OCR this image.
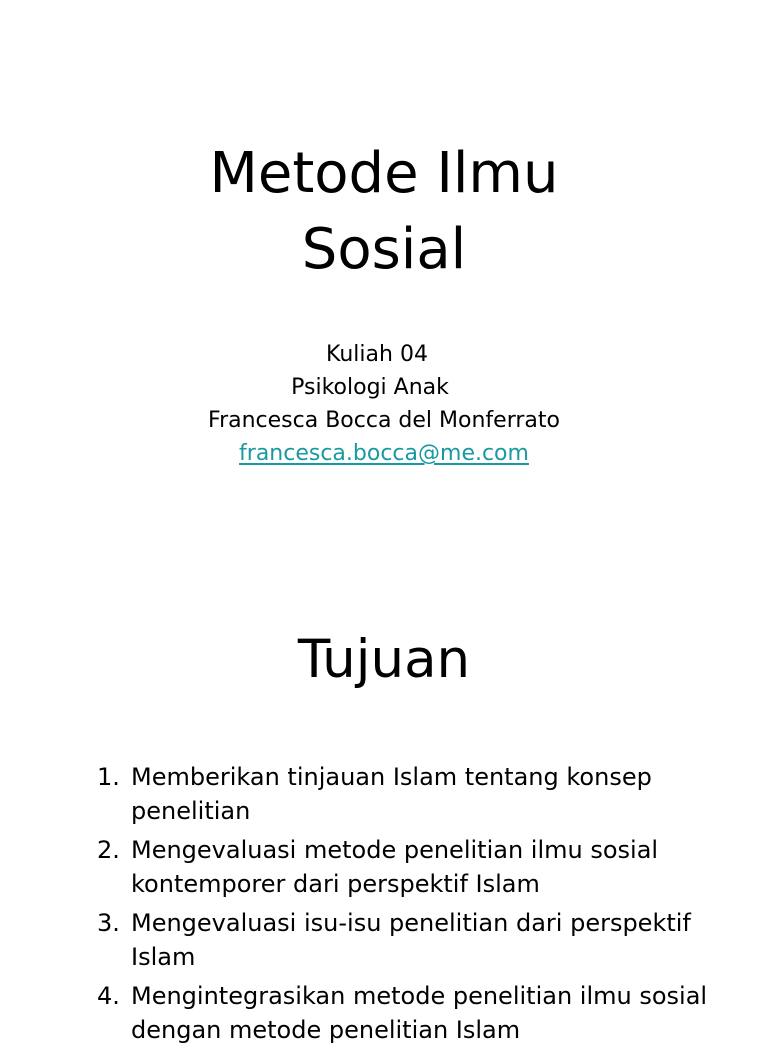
Metode Ilmu
Sosial
Kuliah 04
Psikologi Anak
Francesca Bocca del Monferrato
francesca.bocca@me.com
Tujuan
1. Memberikan tinjauan Islam tentang konsep penelitian
2. Mengevaluasi metode penelitian ilmu sosial kontemporer dari perspektif Islam
3. Mengevaluasi isu-isu penelitian dari perspektif Islam
4. Mengintegrasikan metode penelitian ilmu sosial dengan metode penelitian Islam
